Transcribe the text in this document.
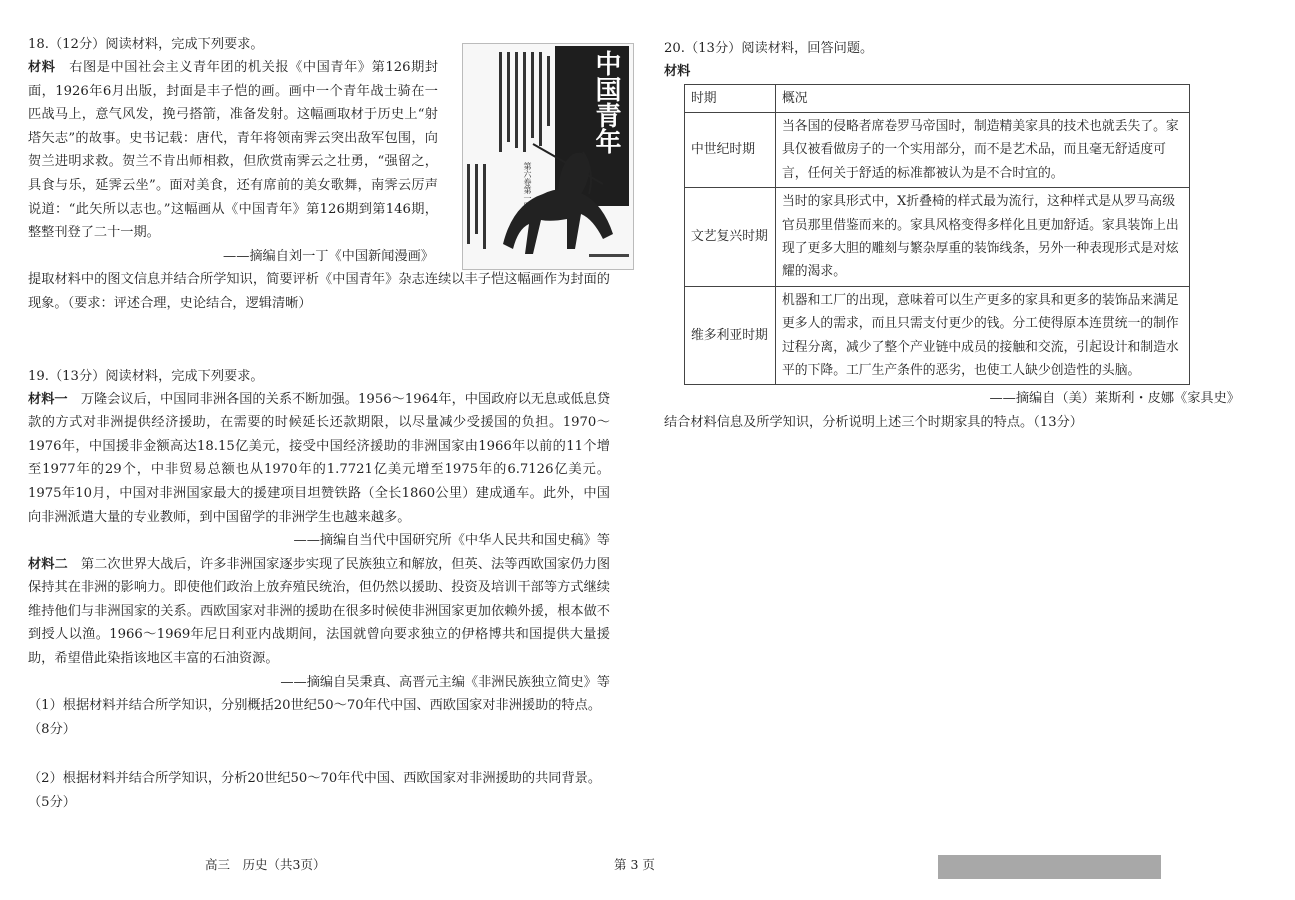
18.（12分）阅读材料，完成下列要求。

材料　 右图是中国社会主义青年团的机关报《中国青年》第126期封面，1926年6月出版，封面是丰子恺的画。画中一个青年战士骑在一匹战马上，意气风发，挽弓搭箭，准备发射。这幅画取材于历史上“射塔矢志”的故事。史书记载：唐代，青年将领南霁云突出敌军包围，向贺兰进明求救。贺兰不肯出师相救，但欣赏南霁云之壮勇，“强留之，具食与乐，延霁云坐”。面对美食，还有席前的美女歌舞，南霁云厉声说道：“此矢所以志也。”这幅画从《中国青年》第126期到第146期，整整刊登了二十一期。

——摘编自刘一丁《中国新闻漫画》

提取材料中的图文信息并结合所学知识，简要评析《中国青年》杂志连续以丰子恺这幅画作为封面的现象。（要求：评述合理，史论结合，逻辑清晰）

中国青年
第六卷第一號

19.（13分）阅读材料，完成下列要求。

材料一　 万隆会议后，中国同非洲各国的关系不断加强。1956～1964年，中国政府以无息或低息贷款的方式对非洲提供经济援助，在需要的时候延长还款期限，以尽量减少受援国的负担。1970～1976年，中国援非金额高达18.15亿美元，接受中国经济援助的非洲国家由1966年以前的11个增至1977年的29个，中非贸易总额也从1970年的1.7721亿美元增至1975年的6.7126亿美元。1975年10月，中国对非洲国家最大的援建项目坦赞铁路（全长1860公里）建成通车。此外，中国向非洲派遣大量的专业教师，到中国留学的非洲学生也越来越多。

——摘编自当代中国研究所《中华人民共和国史稿》等

材料二　 第二次世界大战后，许多非洲国家逐步实现了民族独立和解放，但英、法等西欧国家仍力图保持其在非洲的影响力。即使他们政治上放弃殖民统治，但仍然以援助、投资及培训干部等方式继续维持他们与非洲国家的关系。西欧国家对非洲的援助在很多时候使非洲国家更加依赖外援，根本做不到授人以渔。1966～1969年尼日利亚内战期间，法国就曾向要求独立的伊格博共和国提供大量援助，希望借此染指该地区丰富的石油资源。

——摘编自吴秉真、高晋元主编《非洲民族独立简史》等

（1）根据材料并结合所学知识，分别概括20世纪50～70年代中国、西欧国家对非洲援助的特点。

（8分）

（2）根据材料并结合所学知识，分析20世纪50～70年代中国、西欧国家对非洲援助的共同背景。

（5分）

20.（13分）阅读材料，回答问题。

材料

时期	概况
中世纪时期	当各国的侵略者席卷罗马帝国时，制造精美家具的技术也就丢失了。家具仅被看做房子的一个实用部分，而不是艺术品，而且毫无舒适度可言，任何关于舒适的标准都被认为是不合时宜的。
文艺复兴时期	当时的家具形式中，X折叠椅的样式最为流行，这种样式是从罗马高级官员那里借鉴而来的。家具风格变得多样化且更加舒适。家具装饰上出现了更多大胆的雕刻与繁杂厚重的装饰线条，另外一种表现形式是对炫耀的渴求。
维多利亚时期	机器和工厂的出现，意味着可以生产更多的家具和更多的装饰品来满足更多人的需求，而且只需支付更少的钱。分工使得原本连贯统一的制作过程分离，减少了整个产业链中成员的接触和交流，引起设计和制造水平的下降。工厂生产条件的恶劣，也使工人缺少创造性的头脑。

——摘编自（美）莱斯利・皮娜《家具史》

结合材料信息及所学知识，分析说明上述三个时期家具的特点。（13分）

高三　历史（共3页）	第 3 页
